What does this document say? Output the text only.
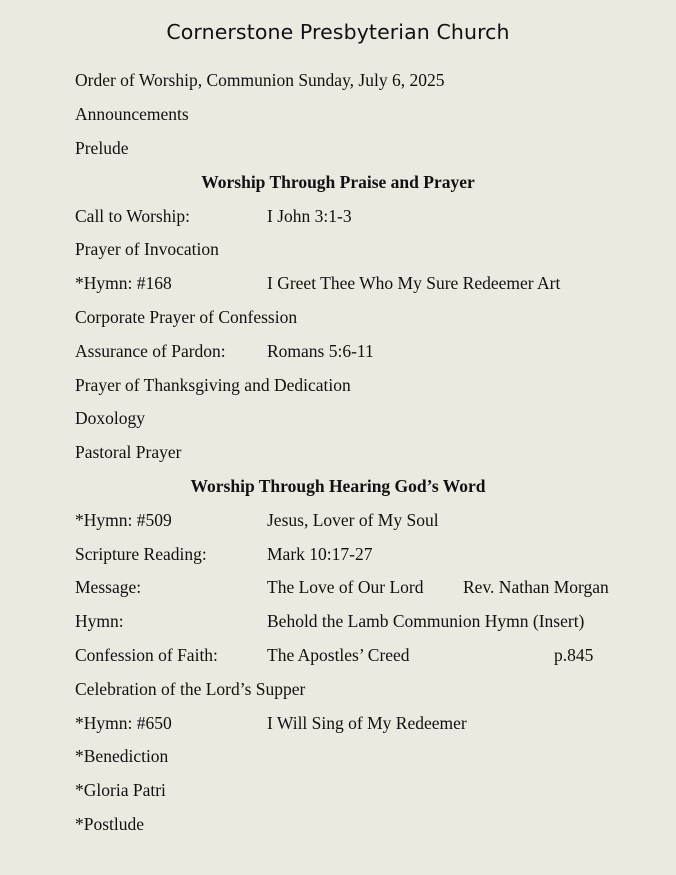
Cornerstone Presbyterian Church
Order of Worship, Communion Sunday, July 6, 2025
Announcements
Prelude
Worship Through Praise and Prayer
Call to Worship:	I John 3:1-3
Prayer of Invocation
*Hymn: #168	I Greet Thee Who My Sure Redeemer Art
Corporate Prayer of Confession
Assurance of Pardon: Romans 5:6-11
Prayer of Thanksgiving and Dedication
Doxology
Pastoral Prayer
Worship Through Hearing God’s Word
*Hymn: #509	Jesus, Lover of My Soul
Scripture Reading:	Mark 10:17-27
Message:	The Love of Our Lord Rev. Nathan Morgan
Hymn:	Behold the Lamb Communion Hymn (Insert)
Confession of Faith:	The Apostles’ Creed	p.845
Celebration of the Lord’s Supper
*Hymn: #650	I Will Sing of My Redeemer
*Benediction
*Gloria Patri
*Postlude
